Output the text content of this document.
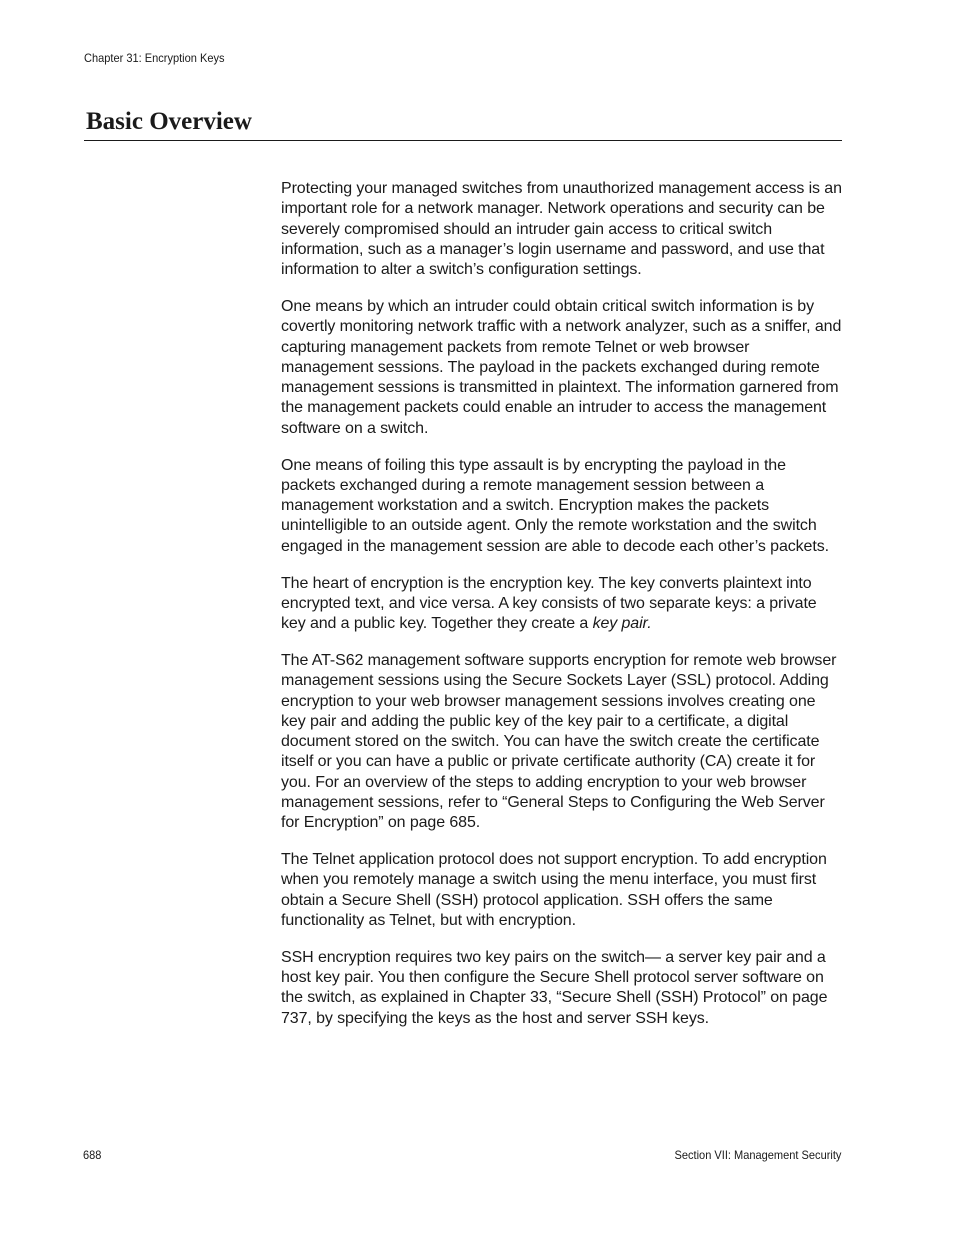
Chapter 31: Encryption Keys
Basic Overview

Protecting your managed switches from unauthorized management access is an important role for a network manager. Network operations and security can be severely compromised should an intruder gain access to critical switch information, such as a manager’s login username and password, and use that information to alter a switch’s configuration settings.

One means by which an intruder could obtain critical switch information is by covertly monitoring network traffic with a network analyzer, such as a sniffer, and capturing management packets from remote Telnet or web browser management sessions. The payload in the packets exchanged during remote management sessions is transmitted in plaintext. The information garnered from the management packets could enable an intruder to access the management software on a switch.

One means of foiling this type assault is by encrypting the payload in the packets exchanged during a remote management session between a management workstation and a switch. Encryption makes the packets unintelligible to an outside agent. Only the remote workstation and the switch engaged in the management session are able to decode each other’s packets.

The heart of encryption is the encryption key. The key converts plaintext into encrypted text, and vice versa. A key consists of two separate keys: a private key and a public key. Together they create a key pair.

The AT-S62 management software supports encryption for remote web browser management sessions using the Secure Sockets Layer (SSL) protocol. Adding encryption to your web browser management sessions involves creating one key pair and adding the public key of the key pair to a certificate, a digital document stored on the switch. You can have the switch create the certificate itself or you can have a public or private certificate authority (CA) create it for you. For an overview of the steps to adding encryption to your web browser management sessions, refer to “General Steps to Configuring the Web Server for Encryption” on page 685.

The Telnet application protocol does not support encryption. To add encryption when you remotely manage a switch using the menu interface, you must first obtain a Secure Shell (SSH) protocol application. SSH offers the same functionality as Telnet, but with encryption.

SSH encryption requires two key pairs on the switch— a server key pair and a host key pair. You then configure the Secure Shell protocol server software on the switch, as explained in Chapter 33, “Secure Shell (SSH) Protocol” on page 737, by specifying the keys as the host and server SSH keys.

688	Section VII: Management Security
